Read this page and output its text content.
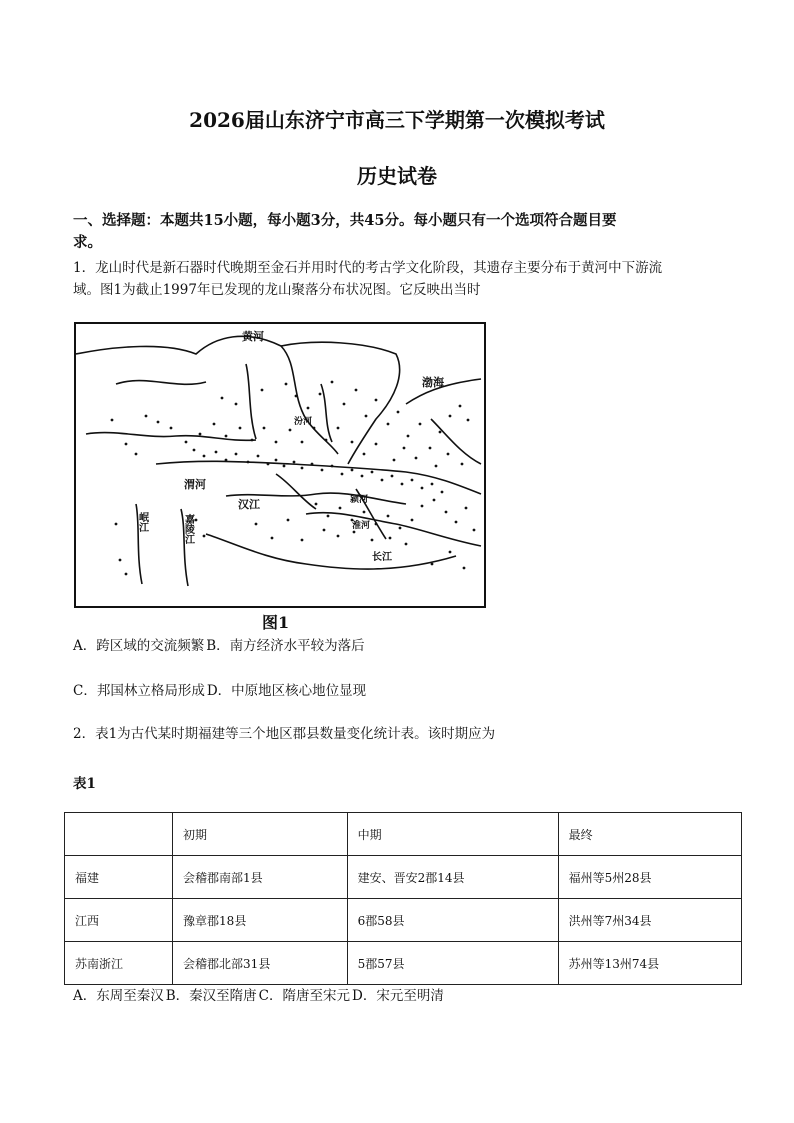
2026届山东济宁市高三下学期第一次模拟考试
历史试卷
一、选择题：本题共15小题，每小题3分，共45分。每小题只有一个选项符合题目要
求。
1．龙山时代是新石器时代晚期至金石并用时代的考古学文化阶段，其遗存主要分布于黄河中下游流
域。图1为截止1997年已发现的龙山聚落分布状况图。它反映出当时
黄河
渤海
汾河
渭河
汉江
岷江	嘉陵江
颍河
淮河
长江
图1
A．跨区域的交流频繁 B．南方经济水平较为落后
C．邦国林立格局形成 D．中原地区核心地位显现
2．表1为古代某时期福建等三个地区郡县数量变化统计表。该时期应为
表1
	初期	中期	最终
福建	会稽郡南部1县	建安、晋安2郡14县	福州等5州28县
江西	豫章郡18县	6郡58县	洪州等7州34县
苏南浙江	会稽郡北部31县	5郡57县	苏州等13州74县
A．东周至秦汉 B．秦汉至隋唐 C．隋唐至宋元 D．宋元至明清
